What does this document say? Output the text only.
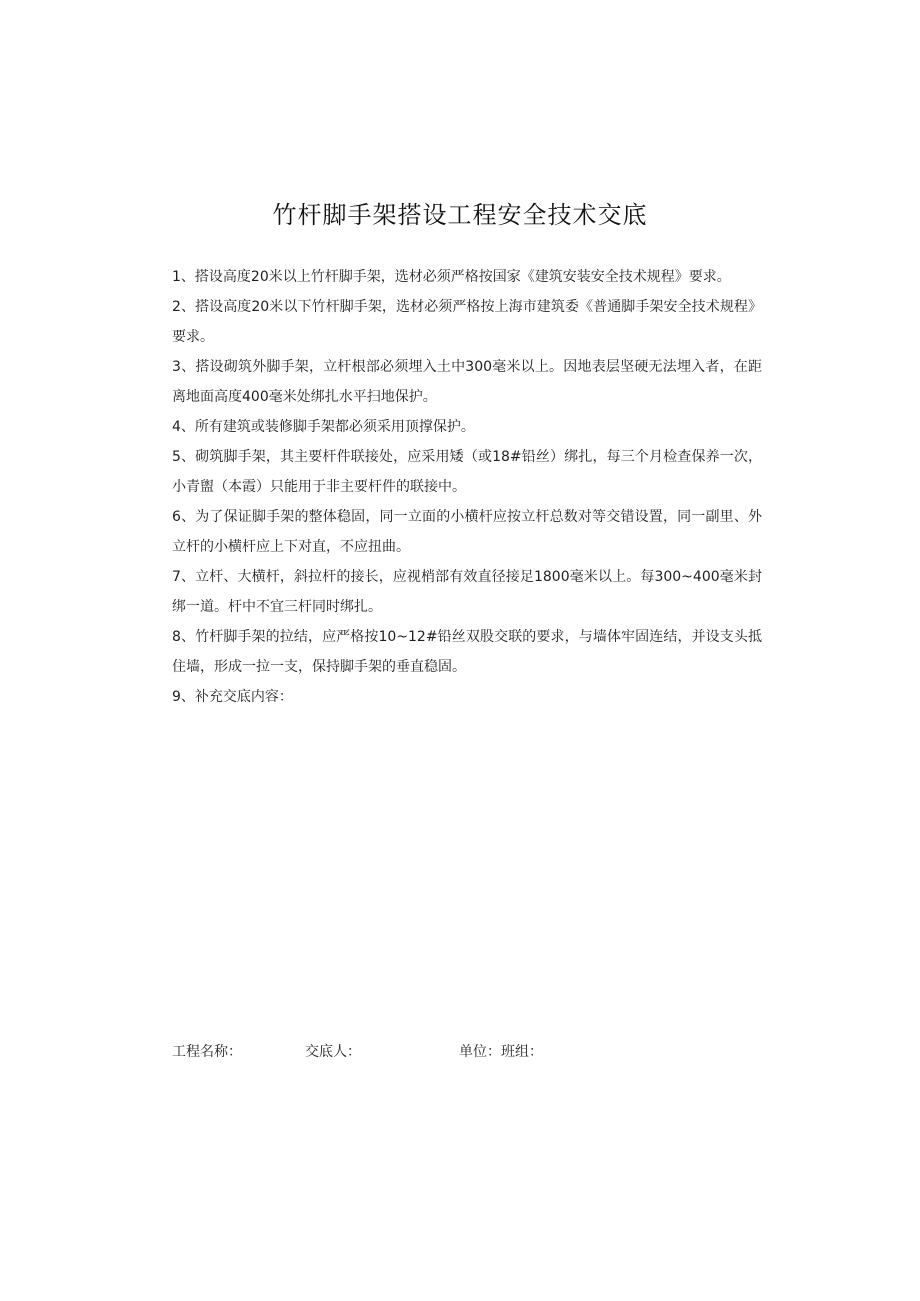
竹杆脚手架搭设工程安全技术交底
1、搭设高度20米以上竹杆脚手架，选材必须严格按国家《建筑安装安全技术规程》要求。
2、搭设高度20米以下竹杆脚手架，选材必须严格按上海市建筑委《普通脚手架安全技术规程》要求。
3、搭设砌筑外脚手架，立杆根部必须埋入土中300毫米以上。因地表层坚硬无法埋入者，在距离地面高度400毫米处绑扎水平扫地保护。
4、所有建筑或装修脚手架都必须采用顶撑保护。
5、砌筑脚手架，其主要杆件联接处，应采用矮（或18#铅丝）绑扎，每三个月检查保养一次，小青盥（本霞）只能用于非主要杆件的联接中。
6、为了保证脚手架的整体稳固，同一立面的小横杆应按立杆总数对等交错设置，同一副里、外立杆的小横杆应上下对直，不应扭曲。
7、立杆、大横杆，斜拉杆的接长，应视梢部有效直径接足1800毫米以上。每300~400毫米封绑一道。杆中不宜三杆同时绑扎。
8、竹杆脚手架的拉结，应严格按10~12#铅丝双股交联的要求，与墙体牢固连结，并设支头抵住墙，形成一拉一支，保持脚手架的垂直稳固。
9、补充交底内容：
工程名称：	交底人：	单位：班组：
